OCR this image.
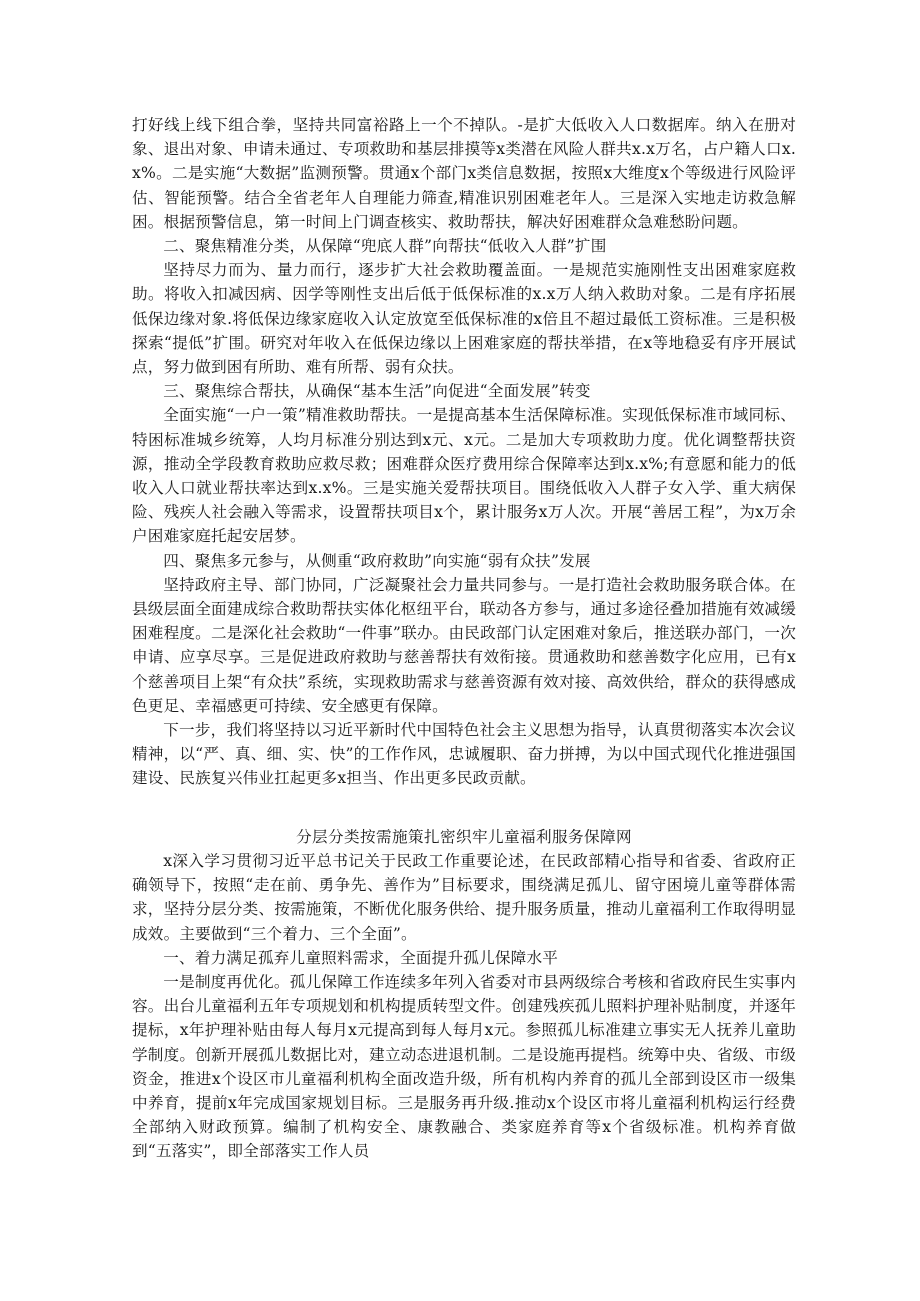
打好线上线下组合拳，坚持共同富裕路上一个不掉队。-是扩大低收入人口数据库。纳入在册对象、退出对象、申请未通过、专项救助和基层排摸等x类潜在风险人群共x.x万名，占户籍人口x.x%。二是实施“大数据”监测预警。贯通x个部门x类信息数据，按照x大维度x个等级进行风险评估、智能预警。结合全省老年人自理能力筛查,精准识别困难老年人。三是深入实地走访救急解困。根据预警信息，第一时间上门调查核实、救助帮扶，解决好困难群众急难愁盼问题。

二、聚焦精准分类，从保障“兜底人群”向帮扶“低收入人群”扩围

坚持尽力而为、量力而行，逐步扩大社会救助覆盖面。一是规范实施刚性支出困难家庭救助。将收入扣减因病、因学等刚性支出后低于低保标准的x.x万人纳入救助对象。二是有序拓展低保边缘对象.将低保边缘家庭收入认定放宽至低保标准的x倍且不超过最低工资标准。三是积极探索“提低”扩围。研究对年收入在低保边缘以上困难家庭的帮扶举措，在x等地稳妥有序开展试点，努力做到困有所助、难有所帮、弱有众扶。

三、聚焦综合帮扶，从确保“基本生活”向促进“全面发展”转变

全面实施“一户一策”精准救助帮扶。一是提高基本生活保障标准。实现低保标准市域同标、特困标准城乡统筹，人均月标准分别达到x元、x元。二是加大专项救助力度。优化调整帮扶资源，推动全学段教育救助应救尽救；困难群众医疗费用综合保障率达到x.x%;有意愿和能力的低收入人口就业帮扶率达到x.x%。三是实施关爱帮扶项目。围绕低收入人群子女入学、重大病保险、残疾人社会融入等需求，设置帮扶项目x个，累计服务x万人次。开展“善居工程”，为x万余户困难家庭托起安居梦。

四、聚焦多元参与，从侧重“政府救助”向实施“弱有众扶”发展

坚持政府主导、部门协同，广泛凝聚社会力量共同参与。一是打造社会救助服务联合体。在县级层面全面建成综合救助帮扶实体化枢纽平台，联动各方参与，通过多途径叠加措施有效减缓困难程度。二是深化社会救助“一件事”联办。由民政部门认定困难对象后，推送联办部门，一次申请、应享尽享。三是促进政府救助与慈善帮扶有效衔接。贯通救助和慈善数字化应用，已有x个慈善项目上架“有众扶”系统，实现救助需求与慈善资源有效对接、高效供给，群众的获得感成色更足、幸福感更可持续、安全感更有保障。

下一步，我们将坚持以习近平新时代中国特色社会主义思想为指导，认真贯彻落实本次会议精神，以“严、真、细、实、快”的工作作风，忠诚履职、奋力拼搏，为以中国式现代化推进强国建设、民族复兴伟业扛起更多x担当、作出更多民政贡献。

分层分类按需施策扎密织牢儿童福利服务保障网

x深入学习贯彻习近平总书记关于民政工作重要论述，在民政部精心指导和省委、省政府正确领导下，按照“走在前、勇争先、善作为”目标要求，围绕满足孤儿、留守困境儿童等群体需求，坚持分层分类、按需施策，不断优化服务供给、提升服务质量，推动儿童福利工作取得明显成效。主要做到“三个着力、三个全面”。

一、着力满足孤弃儿童照料需求，全面提升孤儿保障水平

一是制度再优化。孤儿保障工作连续多年列入省委对市县两级综合考核和省政府民生实事内容。出台儿童福利五年专项规划和机构提质转型文件。创建残疾孤儿照料护理补贴制度，并逐年提标，x年护理补贴由每人每月x元提高到每人每月x元。参照孤儿标准建立事实无人抚养儿童助学制度。创新开展孤儿数据比对，建立动态进退机制。二是设施再提档。统筹中央、省级、市级资金，推进x个设区市儿童福利机构全面改造升级，所有机构内养育的孤儿全部到设区市一级集中养育，提前x年完成国家规划目标。三是服务再升级.推动x个设区市将儿童福利机构运行经费全部纳入财政预算。编制了机构安全、康教融合、类家庭养育等x个省级标准。机构养育做到“五落实”，即全部落实工作人员
